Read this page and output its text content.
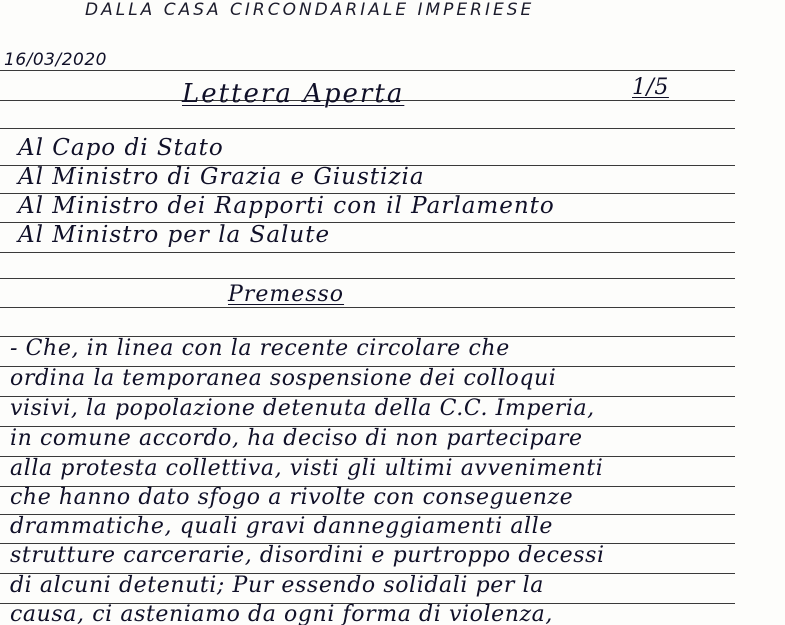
DALLA CASA CIRCONDARIALE IMPERIESE
16/03/2020
Lettera Aperta	1/5
Al Capo di Stato
Al Ministro di Grazia e Giustizia
Al Ministro dei Rapporti con il Parlamento
Al Ministro per la Salute
Premesso
- Che, in linea con la recente circolare che
ordina la temporanea sospensione dei colloqui
visivi, la popolazione detenuta della C.C. Imperia,
in comune accordo, ha deciso di non partecipare
alla protesta collettiva, visti gli ultimi avvenimenti
che hanno dato sfogo a rivolte con conseguenze
drammatiche, quali gravi danneggiamenti alle
strutture carcerarie, disordini e purtroppo decessi
di alcuni detenuti; Pur essendo solidali per la
causa, ci asteniamo da ogni forma di violenza,
